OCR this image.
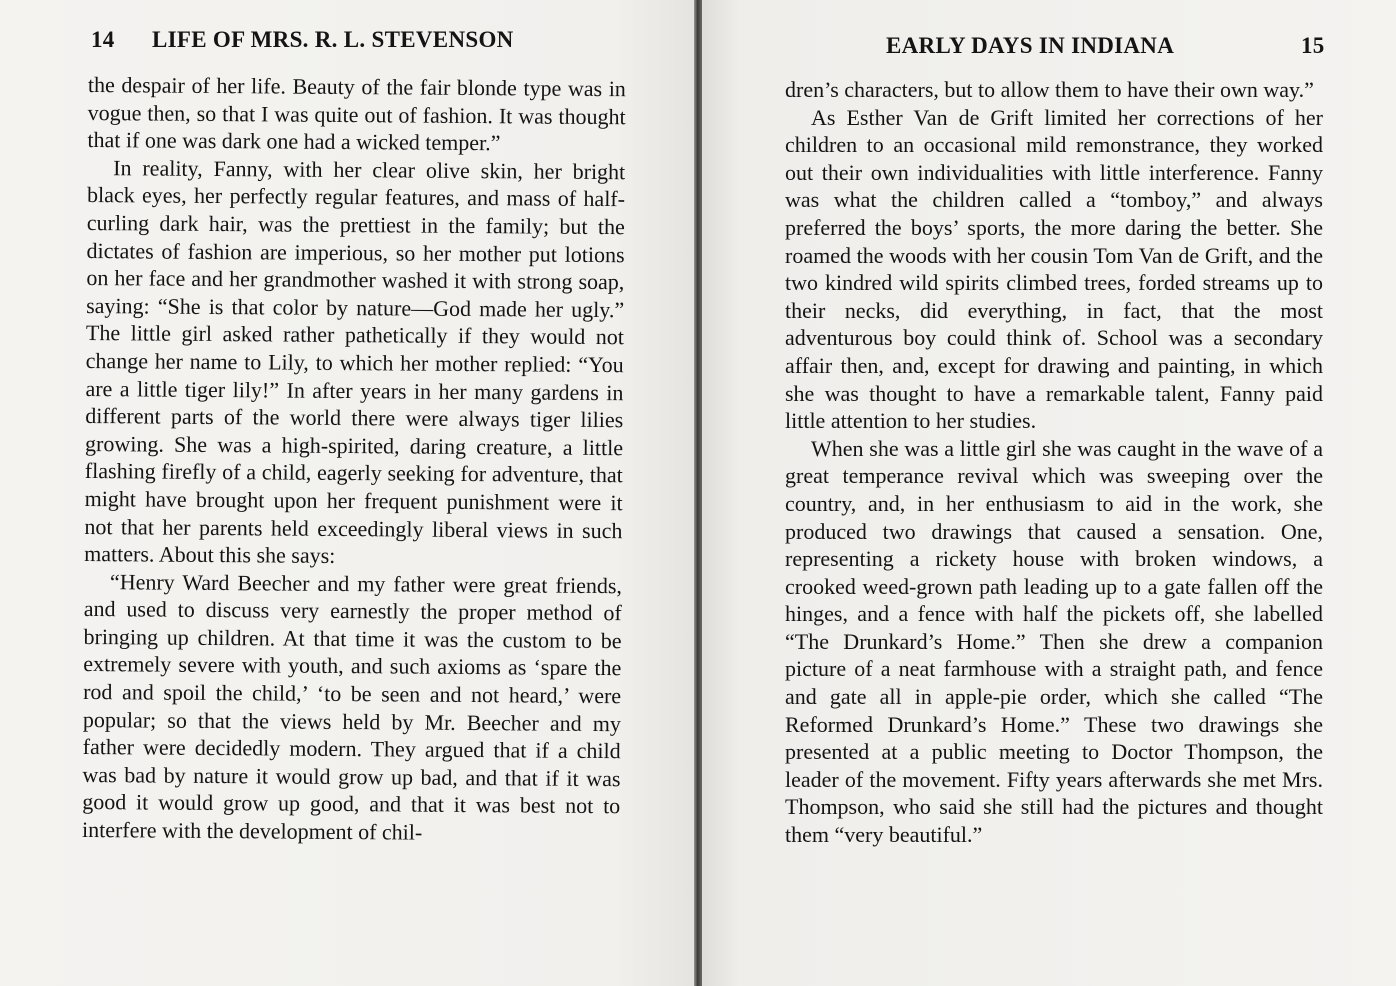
14 LIFE OF MRS. R. L. STEVENSON

the despair of her life. Beauty of the fair blonde type was in vogue then, so that I was quite out of fashion. It was thought that if one was dark one had a wicked temper.”

In reality, Fanny, with her clear olive skin, her bright black eyes, her perfectly regular features, and mass of half-curling dark hair, was the prettiest in the family; but the dictates of fashion are imperious, so her mother put lotions on her face and her grandmother washed it with strong soap, saying: “She is that color by nature—God made her ugly.” The little girl asked rather pathetically if they would not change her name to Lily, to which her mother replied: “You are a little tiger lily!” In after years in her many gardens in different parts of the world there were always tiger lilies growing. She was a high-spirited, daring creature, a little flashing firefly of a child, eagerly seeking for adventure, that might have brought upon her frequent punishment were it not that her parents held exceedingly liberal views in such matters. About this she says:

“Henry Ward Beecher and my father were great friends, and used to discuss very earnestly the proper method of bringing up children. At that time it was the custom to be extremely severe with youth, and such axioms as ‘spare the rod and spoil the child,’ ‘to be seen and not heard,’ were popular; so that the views held by Mr. Beecher and my father were decidedly modern. They argued that if a child was bad by nature it would grow up bad, and that if it was good it would grow up good, and that it was best not to interfere with the development of chil-

EARLY DAYS IN INDIANA	15

dren’s characters, but to allow them to have their own way.”

As Esther Van de Grift limited her corrections of her children to an occasional mild remonstrance, they worked out their own individualities with little interference. Fanny was what the children called a “tomboy,” and always preferred the boys’ sports, the more daring the better. She roamed the woods with her cousin Tom Van de Grift, and the two kindred wild spirits climbed trees, forded streams up to their necks, did everything, in fact, that the most adventurous boy could think of. School was a secondary affair then, and, except for drawing and painting, in which she was thought to have a remarkable talent, Fanny paid little attention to her studies.

When she was a little girl she was caught in the wave of a great temperance revival which was sweeping over the country, and, in her enthusiasm to aid in the work, she produced two drawings that caused a sensation. One, representing a rickety house with broken windows, a crooked weed-grown path leading up to a gate fallen off the hinges, and a fence with half the pickets off, she labelled “The Drunkard’s Home.” Then she drew a companion picture of a neat farmhouse with a straight path, and fence and gate all in apple-pie order, which she called “The Reformed Drunkard’s Home.” These two drawings she presented at a public meeting to Doctor Thompson, the leader of the movement. Fifty years afterwards she met Mrs. Thompson, who said she still had the pictures and thought them “very beautiful.”
